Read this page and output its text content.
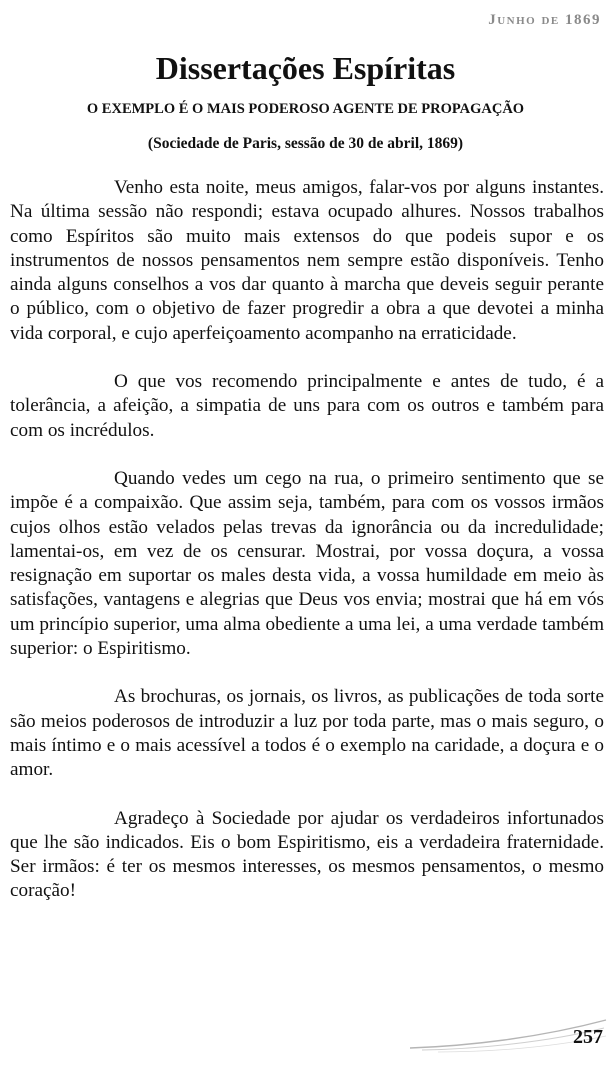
Junho de 1869
Dissertações Espíritas
O EXEMPLO É O MAIS PODEROSO AGENTE DE PROPAGAÇÃO
(Sociedade de Paris, sessão de 30 de abril, 1869)

Venho esta noite, meus amigos, falar-vos por alguns instantes. Na última sessão não respondi; estava ocupado alhures. Nossos trabalhos como Espíritos são muito mais extensos do que podeis supor e os instrumentos de nossos pensamentos nem sempre estão disponíveis. Tenho ainda alguns conselhos a vos dar quanto à marcha que deveis seguir perante o público, com o objetivo de fazer progredir a obra a que devotei a minha vida corporal, e cujo aperfeiçoamento acompanho na erraticidade.

O que vos recomendo principalmente e antes de tudo, é a tolerância, a afeição, a simpatia de uns para com os outros e também para com os incrédulos.

Quando vedes um cego na rua, o primeiro sentimento que se impõe é a compaixão. Que assim seja, também, para com os vossos irmãos cujos olhos estão velados pelas trevas da ignorância ou da incredulidade; lamentai-os, em vez de os censurar. Mostrai, por vossa doçura, a vossa resignação em suportar os males desta vida, a vossa humildade em meio às satisfações, vantagens e alegrias que Deus vos envia; mostrai que há em vós um princípio superior, uma alma obediente a uma lei, a uma verdade também superior: o Espiritismo.

As brochuras, os jornais, os livros, as publicações de toda sorte são meios poderosos de introduzir a luz por toda parte, mas o mais seguro, o mais íntimo e o mais acessível a todos é o exemplo na caridade, a doçura e o amor.

Agradeço à Sociedade por ajudar os verdadeiros infortunados que lhe são indicados. Eis o bom Espiritismo, eis a verdadeira fraternidade. Ser irmãos: é ter os mesmos interesses, os mesmos pensamentos, o mesmo coração!

257
